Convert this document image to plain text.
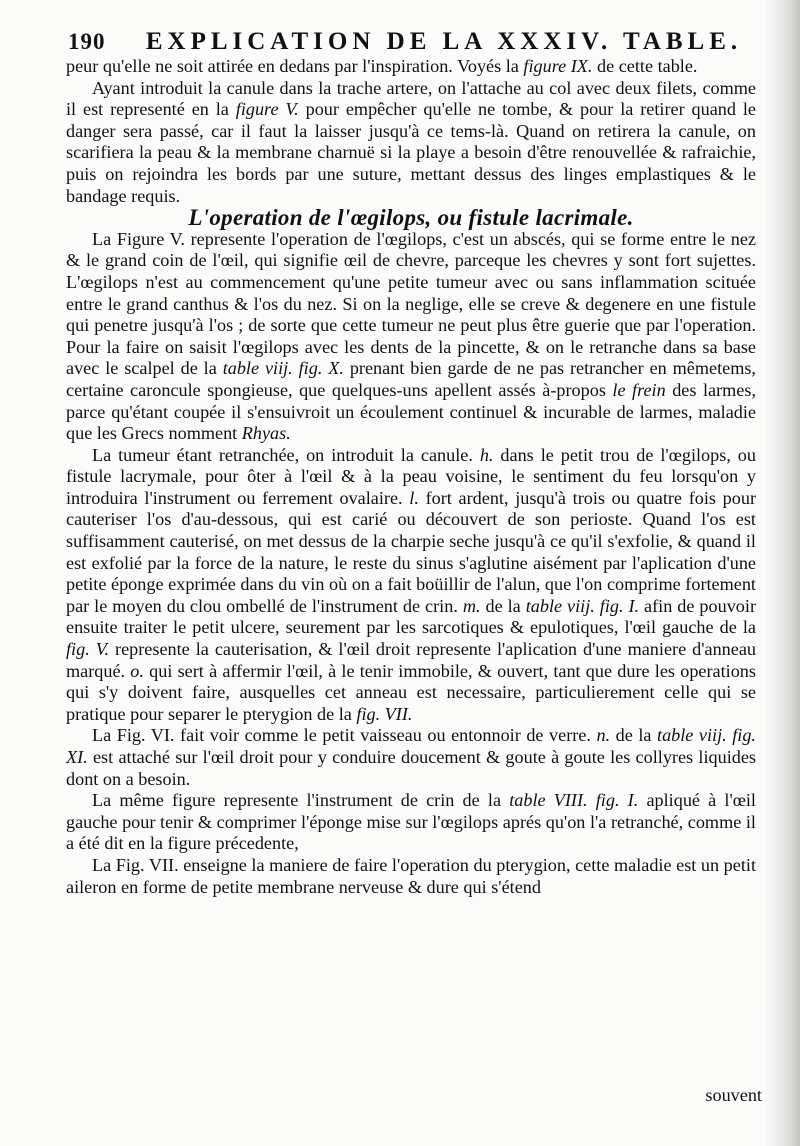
190	EXPLICATION DE LA XXXIV. TABLE.

peur qu'elle ne soit attirée en dedans par l'inspiration. Voyés la figure IX. de cette table.

Ayant introduit la canule dans la trache artere, on l'attache au col avec deux filets, comme il est representé en la figure V. pour empêcher qu'elle ne tombe, & pour la retirer quand le danger sera passé, car il faut la laisser jusqu'à ce tems-là. Quand on retirera la canule, on scarifiera la peau & la membrane charnuë si la playe a besoin d'être renouvellée & rafraichie, puis on rejoindra les bords par une suture, mettant dessus des linges emplastiques & le bandage requis.

L'operation de l'œgilops, ou fistule lacrimale.

La Figure V. represente l'operation de l'œgilops, c'est un abscés, qui se forme entre le nez & le grand coin de l'œil, qui signifie œil de chevre, parceque les chevres y sont fort sujettes. L'œgilops n'est au commencement qu'une petite tumeur avec ou sans inflammation scituée entre le grand canthus & l'os du nez. Si on la neglige, elle se creve & degenere en une fistule qui penetre jusqu'à l'os ; de sorte que cette tumeur ne peut plus être guerie que par l'operation. Pour la faire on saisit l'œgilops avec les dents de la pincette, & on le retranche dans sa base avec le scalpel de la table viij. fig. X. prenant bien garde de ne pas retrancher en mêmetems, certaine caroncule spongieuse, que quelques-uns apellent assés à-propos le frein des larmes, parce qu'étant coupée il s'ensuivroit un écoulement continuel & incurable de larmes, maladie que les Grecs nomment Rhyas.

La tumeur étant retranchée, on introduit la canule. h. dans le petit trou de l'œgilops, ou fistule lacrymale, pour ôter à l'œil & à la peau voisine, le sentiment du feu lorsqu'on y introduira l'instrument ou ferrement ovalaire. l. fort ardent, jusqu'à trois ou quatre fois pour cauteriser l'os d'au-dessous, qui est carié ou découvert de son perioste. Quand l'os est suffisamment cauterisé, on met dessus de la charpie seche jusqu'à ce qu'il s'exfolie, & quand il est exfolié par la force de la nature, le reste du sinus s'aglutine aisément par l'aplication d'une petite éponge exprimée dans du vin où on a fait boüillir de l'alun, que l'on comprime fortement par le moyen du clou ombellé de l'instrument de crin. m. de la table viij. fig. I. afin de pouvoir ensuite traiter le petit ulcere, seurement par les sarcotiques & epulotiques, l'œil gauche de la fig. V. represente la cauterisation, & l'œil droit represente l'aplication d'une maniere d'anneau marqué. o. qui sert à affermir l'œil, à le tenir immobile, & ouvert, tant que dure les operations qui s'y doivent faire, ausquelles cet anneau est necessaire, particulierement celle qui se pratique pour separer le pterygion de la fig. VII.

La Fig. VI. fait voir comme le petit vaisseau ou entonnoir de verre. n. de la table viij. fig. XI. est attaché sur l'œil droit pour y conduire doucement & goute à goute les collyres liquides dont on a besoin.

La même figure represente l'instrument de crin de la table VIII. fig. I. apliqué à l'œil gauche pour tenir & comprimer l'éponge mise sur l'œgilops aprés qu'on l'a retranché, comme il a été dit en la figure précedente,

La Fig. VII. enseigne la maniere de faire l'operation du pterygion, cette maladie est un petit aileron en forme de petite membrane nerveuse & dure qui s'étend

souvent
